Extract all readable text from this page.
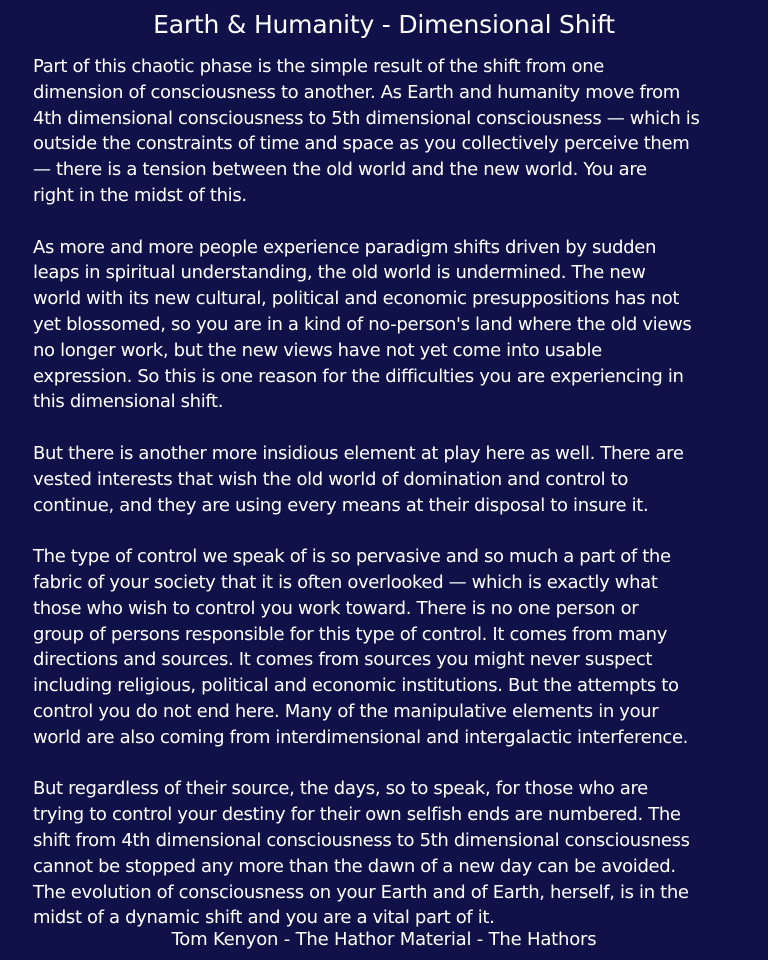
Earth & Humanity - Dimensional Shift

Part of this chaotic phase is the simple result of the shift from one
dimension of consciousness to another. As Earth and humanity move from
4th dimensional consciousness to 5th dimensional consciousness — which is
outside the constraints of time and space as you collectively perceive them
— there is a tension between the old world and the new world. You are
right in the midst of this.

As more and more people experience paradigm shifts driven by sudden
leaps in spiritual understanding, the old world is undermined. The new
world with its new cultural, political and economic presuppositions has not
yet blossomed, so you are in a kind of no-person's land where the old views
no longer work, but the new views have not yet come into usable
expression. So this is one reason for the difficulties you are experiencing in
this dimensional shift.

But there is another more insidious element at play here as well. There are
vested interests that wish the old world of domination and control to
continue, and they are using every means at their disposal to insure it.

The type of control we speak of is so pervasive and so much a part of the
fabric of your society that it is often overlooked — which is exactly what
those who wish to control you work toward. There is no one person or
group of persons responsible for this type of control. It comes from many
directions and sources. It comes from sources you might never suspect
including religious, political and economic institutions. But the attempts to
control you do not end here. Many of the manipulative elements in your
world are also coming from interdimensional and intergalactic interference.

But regardless of their source, the days, so to speak, for those who are
trying to control your destiny for their own selfish ends are numbered. The
shift from 4th dimensional consciousness to 5th dimensional consciousness
cannot be stopped any more than the dawn of a new day can be avoided.
The evolution of consciousness on your Earth and of Earth, herself, is in the
midst of a dynamic shift and you are a vital part of it.

Tom Kenyon - The Hathor Material - The Hathors
